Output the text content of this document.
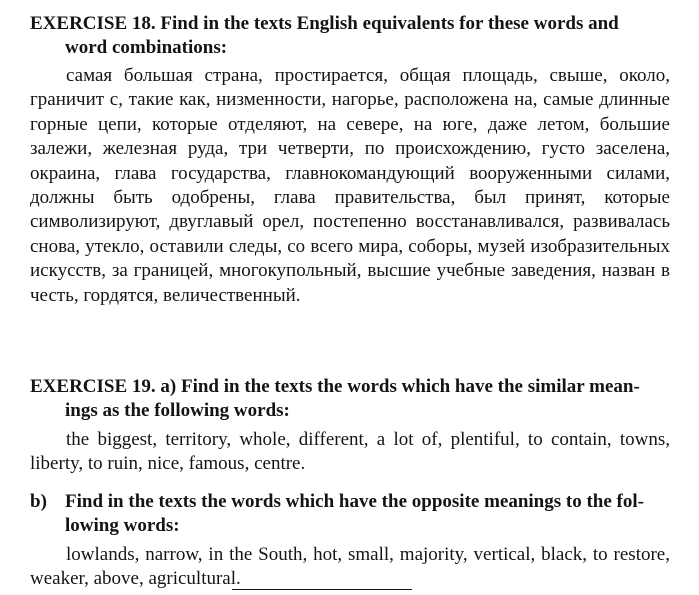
EXERCISE 18. Find in the texts English equivalents for these words and
word combinations:
самая большая страна, простирается, общая площадь, свыше, около, граничит с, такие как, низменности, нагорье, расположена на, самые длинные горные цепи, которые отделяют, на севере, на юге, даже летом, большие залежи, железная руда, три четверти, по происхождению, густо заселена, окраина, глава государства, главнокомандующий вооруженными силами, должны быть одобрены, глава правительства, был принят, которые символизируют, двуглавый орел, постепенно восстанавливался, развивалась снова, утекло, оставили следы, со всего мира, соборы, музей изобразительных искусств, за границей, многокупольный, высшие учебные заведения, назван в честь, гордятся, величественный.
EXERCISE 19. a) Find in the texts the words which have the similar mean-
ings as the following words:
the biggest, territory, whole, different, a lot of, plentiful, to contain, towns, liberty, to ruin, nice, famous, centre.
b) Find in the texts the words which have the opposite meanings to the fol-
lowing words:
lowlands, narrow, in the South, hot, small, majority, vertical, black, to restore, weaker, above, agricultural.
